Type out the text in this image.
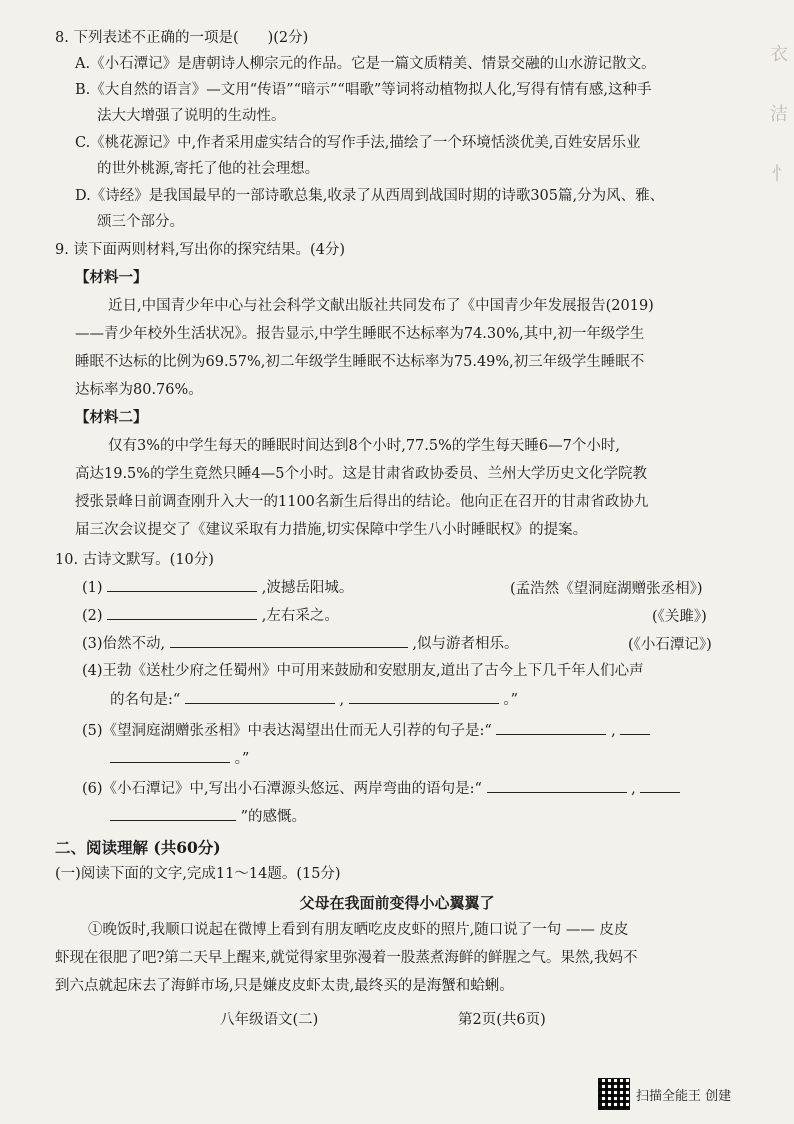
衣
洁
忄
8. 下列表述不正确的一项是(　　)(2分)
A.《小石潭记》是唐朝诗人柳宗元的作品。它是一篇文质精美、情景交融的山水游记散文。
B.《大自然的语言》—文用“传语”“暗示”“唱歌”等词将动植物拟人化,写得有情有感,这种手
法大大增强了说明的生动性。
C.《桃花源记》中,作者采用虚实结合的写作手法,描绘了一个环境恬淡优美,百姓安居乐业
的世外桃源,寄托了他的社会理想。
D.《诗经》是我国最早的一部诗歌总集,收录了从西周到战国时期的诗歌305篇,分为风、雅、
颂三个部分。
9. 读下面两则材料,写出你的探究结果。(4分)
【材料一】
近日,中国青少年中心与社会科学文献出版社共同发布了《中国青少年发展报告(2019)
——青少年校外生活状况》。报告显示,中学生睡眠不达标率为74.30%,其中,初一年级学生
睡眠不达标的比例为69.57%,初二年级学生睡眠不达标率为75.49%,初三年级学生睡眠不
达标率为80.76%。
【材料二】
仅有3%的中学生每天的睡眠时间达到8个小时,77.5%的学生每天睡6—7个小时,
高达19.5%的学生竟然只睡4—5个小时。这是甘肃省政协委员、兰州大学历史文化学院教
授张景峰日前调查刚升入大一的1100名新生后得出的结论。他向正在召开的甘肃省政协九
届三次会议提交了《建议采取有力措施,切实保障中学生八小时睡眠权》的提案。
10. 古诗文默写。(10分)
(1)	,波撼岳阳城。	(孟浩然《望洞庭湖赠张丞相》)
(2)	,左右采之。	(《关雎》)
(3)佁然不动,	,似与游者相乐。	(《小石潭记》)
(4)王勃《送杜少府之任蜀州》中可用来鼓励和安慰朋友,道出了古今上下几千年人们心声
的名句是:“	,	。”
(5)《望洞庭湖赠张丞相》中表达渴望出仕而无人引荐的句子是:“	,
。”
(6)《小石潭记》中,写出小石潭源头悠远、两岸弯曲的语句是:“	,
”的感慨。
二、阅读理解 (共60分)
(一)阅读下面的文字,完成11～14题。(15分)
父母在我面前变得小心翼翼了
①晚饭时,我顺口说起在微博上看到有朋友晒吃皮皮虾的照片,随口说了一句 —— 皮皮
虾现在很肥了吧?第二天早上醒来,就觉得家里弥漫着一股蒸煮海鲜的鲜腥之气。果然,我妈不
到六点就起床去了海鲜市场,只是嫌皮皮虾太贵,最终买的是海蟹和蛤蜊。
八年级语文(二)	第2页(共6页)
扫描全能王 创建
